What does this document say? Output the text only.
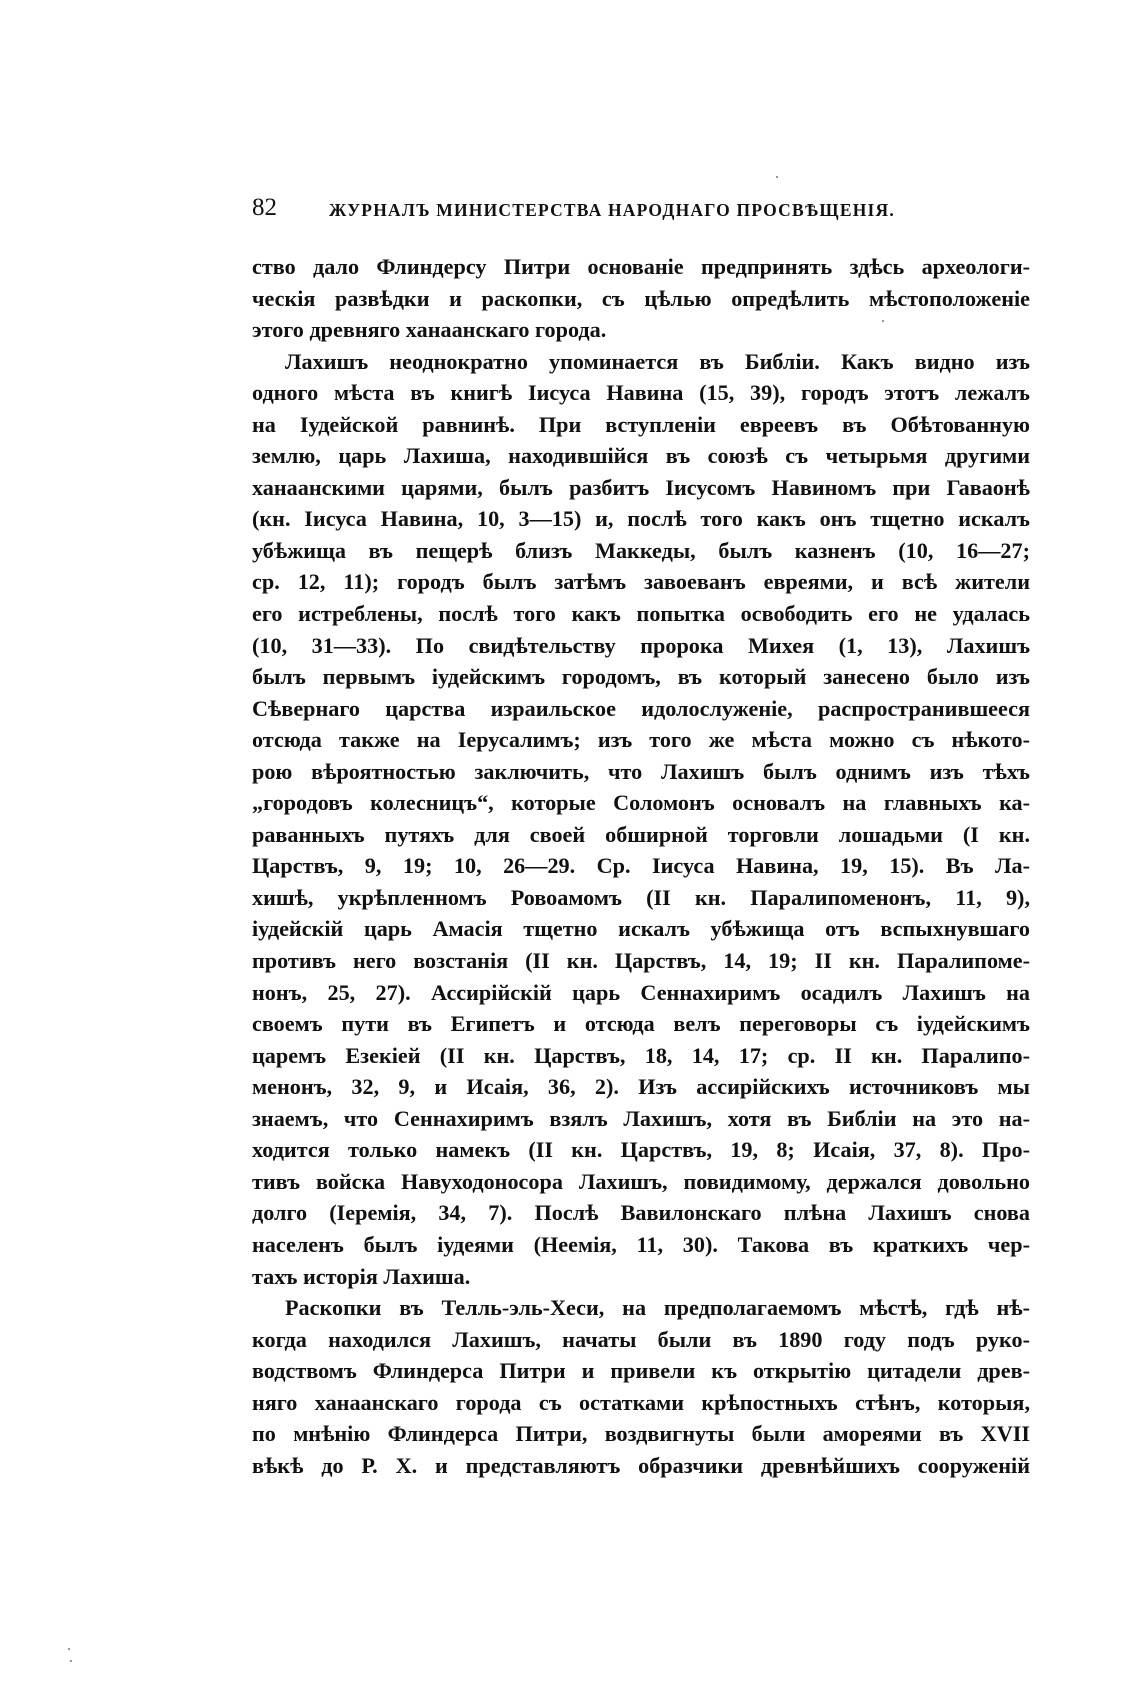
82	ЖУРНАЛЪ МИНИСТЕРСТВА НАРОДНАГО ПРОСВѢЩЕНІЯ.
ство дало Флиндерсу Питри основаніе предпринять здѣсь археологи-
ческія развѣдки и раскопки, съ цѣлью опредѣлить мѣстоположеніе
этого древняго ханаанскаго города.
Лахишъ неоднократно упоминается въ Библіи. Какъ видно изъ
одного мѣста въ книгѣ Іисуса Навина (15, 39), городъ этотъ лежалъ
на Іудейской равнинѣ. При вступленіи евреевъ въ Обѣтованную
землю, царь Лахиша, находившійся въ союзѣ съ четырьмя другими
ханаанскими царями, былъ разбитъ Іисусомъ Навиномъ при Гаваонѣ
(кн. Іисуса Навина, 10, 3—15) и, послѣ того какъ онъ тщетно искалъ
убѣжища въ пещерѣ близъ Маккеды, былъ казненъ (10, 16—27;
ср. 12, 11); городъ былъ затѣмъ завоеванъ евреями, и всѣ жители
его истреблены, послѣ того какъ попытка освободить его не удалась
(10, 31—33). По свидѣтельству пророка Михея (1, 13), Лахишъ
былъ первымъ іудейскимъ городомъ, въ который занесено было изъ
Сѣвернаго царства израильское идолослуженіе, распространившееся
отсюда также на Іерусалимъ; изъ того же мѣста можно съ нѣкото-
рою вѣроятностью заключить, что Лахишъ былъ однимъ изъ тѣхъ
„городовъ колесницъ“, которые Соломонъ основалъ на главныхъ ка-
раванныхъ путяхъ для своей обширной торговли лошадьми (I кн.
Царствъ, 9, 19; 10, 26—29. Ср. Іисуса Навина, 19, 15). Въ Ла-
хишѣ, укрѣпленномъ Ровоамомъ (II кн. Паралипоменонъ, 11, 9),
іудейскій царь Амасія тщетно искалъ убѣжища отъ вспыхнувшаго
противъ него возстанія (II кн. Царствъ, 14, 19; II кн. Паралипоме-
нонъ, 25, 27). Ассирійскій царь Сеннахиримъ осадилъ Лахишъ на
своемъ пути въ Египетъ и отсюда велъ переговоры съ іудейскимъ
царемъ Езекіей (II кн. Царствъ, 18, 14, 17; ср. II кн. Паралипо-
менонъ, 32, 9, и Исаія, 36, 2). Изъ ассирійскихъ источниковъ мы
знаемъ, что Сеннахиримъ взялъ Лахишъ, хотя въ Библіи на это на-
ходится только намекъ (II кн. Царствъ, 19, 8; Исаія, 37, 8). Про-
тивъ войска Навуходоносора Лахишъ, повидимому, держался довольно
долго (Іеремія, 34, 7). Послѣ Вавилонскаго плѣна Лахишъ снова
населенъ былъ іудеями (Неемія, 11, 30). Такова въ краткихъ чер-
тахъ исторія Лахиша.
Раскопки въ Телль-эль-Хеси, на предполагаемомъ мѣстѣ, гдѣ нѣ-
когда находился Лахишъ, начаты были въ 1890 году подъ руко-
водствомъ Флиндерса Питри и привели къ открытію цитадели древ-
няго ханаанскаго города съ остатками крѣпостныхъ стѣнъ, которыя,
по мнѣнію Флиндерса Питри, воздвигнуты были амореями въ XVII
вѣкѣ до Р. Х. и представляютъ образчики древнѣйшихъ сооруженій
